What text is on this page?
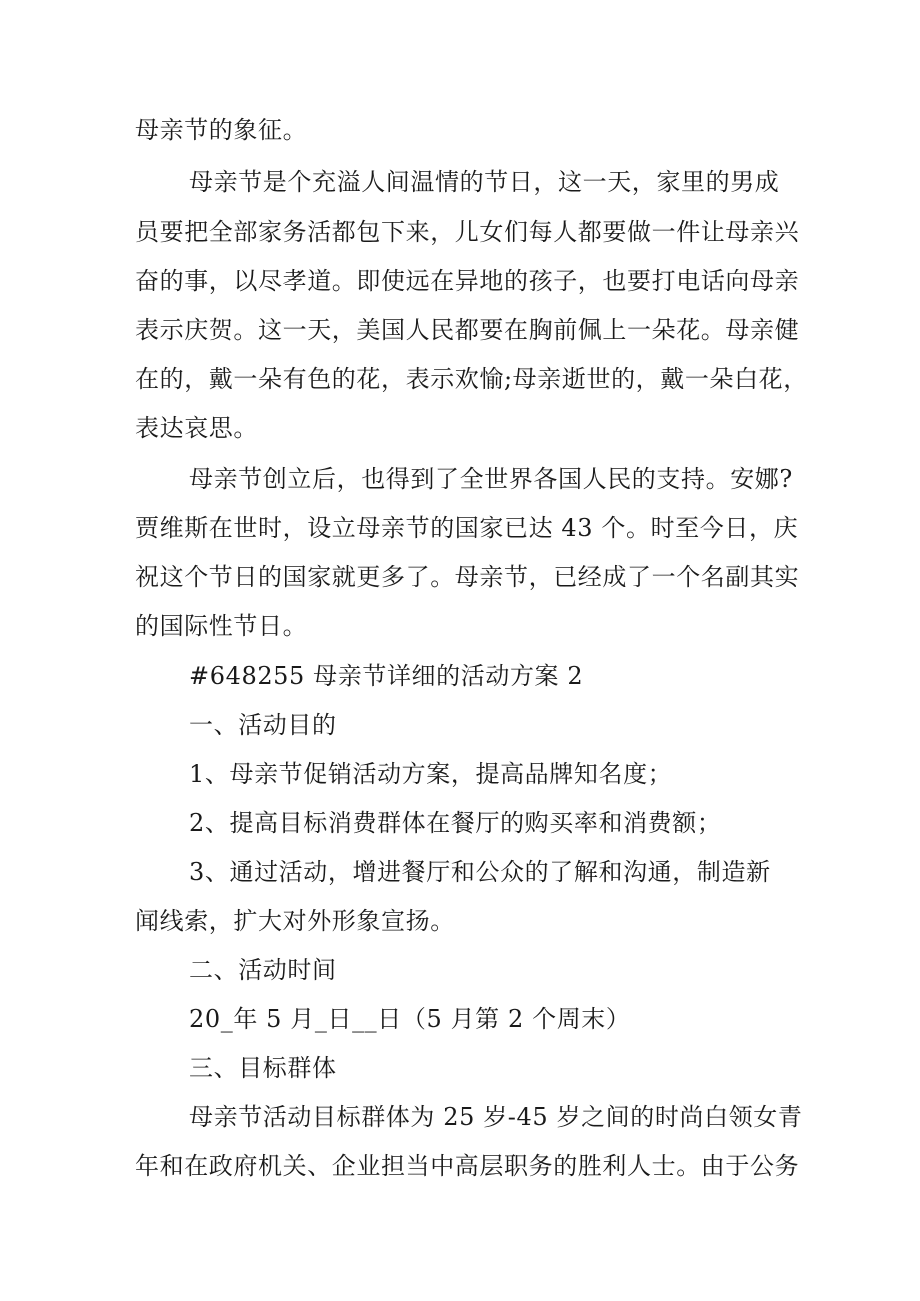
母亲节的象征。
母亲节是个充溢人间温情的节日，这一天，家里的男成
员要把全部家务活都包下来，儿女们每人都要做一件让母亲兴
奋的事，以尽孝道。即使远在异地的孩子，也要打电话向母亲
表示庆贺。这一天，美国人民都要在胸前佩上一朵花。母亲健
在的，戴一朵有色的花，表示欢愉;母亲逝世的，戴一朵白花，
表达哀思。
母亲节创立后，也得到了全世界各国人民的支持。安娜?
贾维斯在世时，设立母亲节的国家已达 43 个。时至今日，庆
祝这个节日的国家就更多了。母亲节，已经成了一个名副其实
的国际性节日。
#648255 母亲节详细的活动方案 2
一、活动目的
1、母亲节促销活动方案，提高品牌知名度；
2、提高目标消费群体在餐厅的购买率和消费额；
3、通过活动，增进餐厅和公众的了解和沟通，制造新
闻线索，扩大对外形象宣扬。
二、活动时间
20_年 5 月_日__日（5 月第 2 个周末）
三、目标群体
母亲节活动目标群体为 25 岁-45 岁之间的时尚白领女青
年和在政府机关、企业担当中高层职务的胜利人士。由于公务
